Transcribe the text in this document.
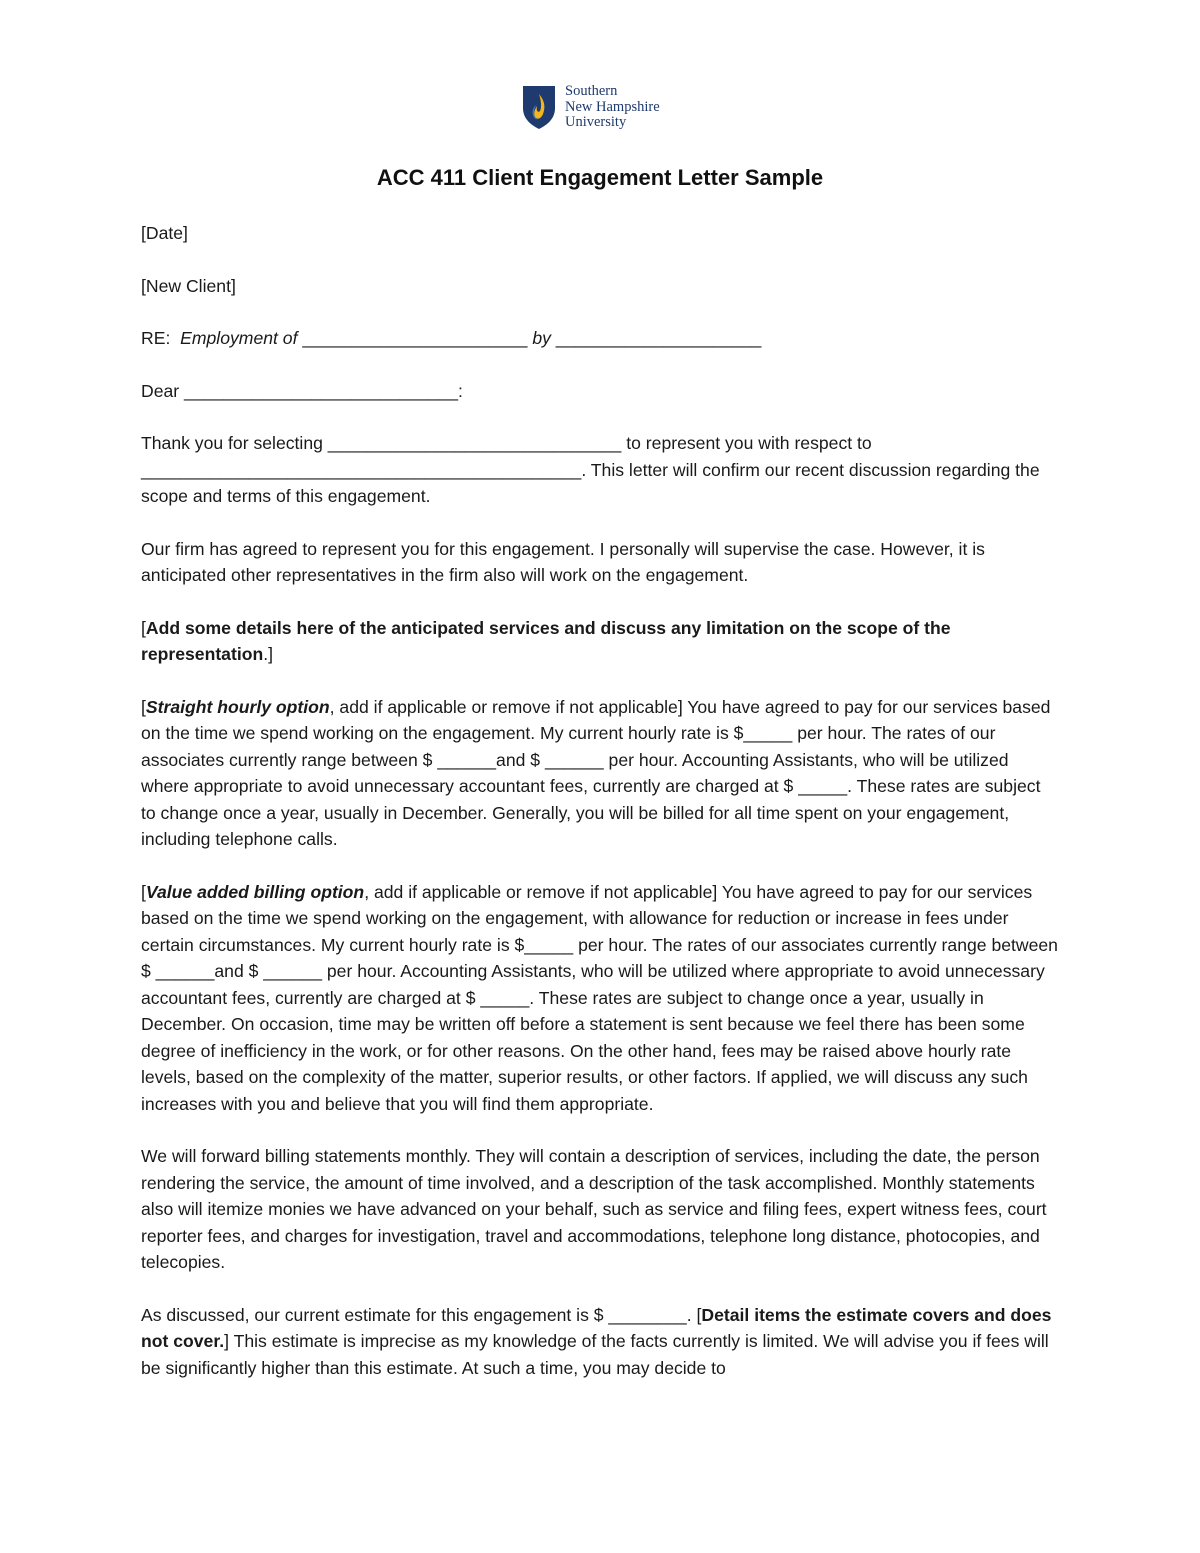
Southern
New Hampshire
University
ACC 411 Client Engagement Letter Sample

[Date]

[New Client]

RE: Employment of _______________________ by _____________________

Dear ____________________________:

Thank you for selecting ______________________________ to represent you with respect to _____________________________________________. This letter will confirm our recent discussion regarding the scope and terms of this engagement.

Our firm has agreed to represent you for this engagement. I personally will supervise the case. However, it is anticipated other representatives in the firm also will work on the engagement.

[Add some details here of the anticipated services and discuss any limitation on the scope of the representation.]

[Straight hourly option, add if applicable or remove if not applicable] You have agreed to pay for our services based on the time we spend working on the engagement. My current hourly rate is $_____ per hour. The rates of our associates currently range between $ ______and $ ______ per hour. Accounting Assistants, who will be utilized where appropriate to avoid unnecessary accountant fees, currently are charged at $ _____. These rates are subject to change once a year, usually in December. Generally, you will be billed for all time spent on your engagement, including telephone calls.

[Value added billing option, add if applicable or remove if not applicable] You have agreed to pay for our services based on the time we spend working on the engagement, with allowance for reduction or increase in fees under certain circumstances. My current hourly rate is $_____ per hour. The rates of our associates currently range between $ ______and $ ______ per hour. Accounting Assistants, who will be utilized where appropriate to avoid unnecessary accountant fees, currently are charged at $ _____. These rates are subject to change once a year, usually in December. On occasion, time may be written off before a statement is sent because we feel there has been some degree of inefficiency in the work, or for other reasons. On the other hand, fees may be raised above hourly rate levels, based on the complexity of the matter, superior results, or other factors. If applied, we will discuss any such increases with you and believe that you will find them appropriate.

We will forward billing statements monthly. They will contain a description of services, including the date, the person rendering the service, the amount of time involved, and a description of the task accomplished. Monthly statements also will itemize monies we have advanced on your behalf, such as service and filing fees, expert witness fees, court reporter fees, and charges for investigation, travel and accommodations, telephone long distance, photocopies, and telecopies.

As discussed, our current estimate for this engagement is $ ________. [Detail items the estimate covers and does not cover.] This estimate is imprecise as my knowledge of the facts currently is limited. We will advise you if fees will be significantly higher than this estimate. At such a time, you may decide to
